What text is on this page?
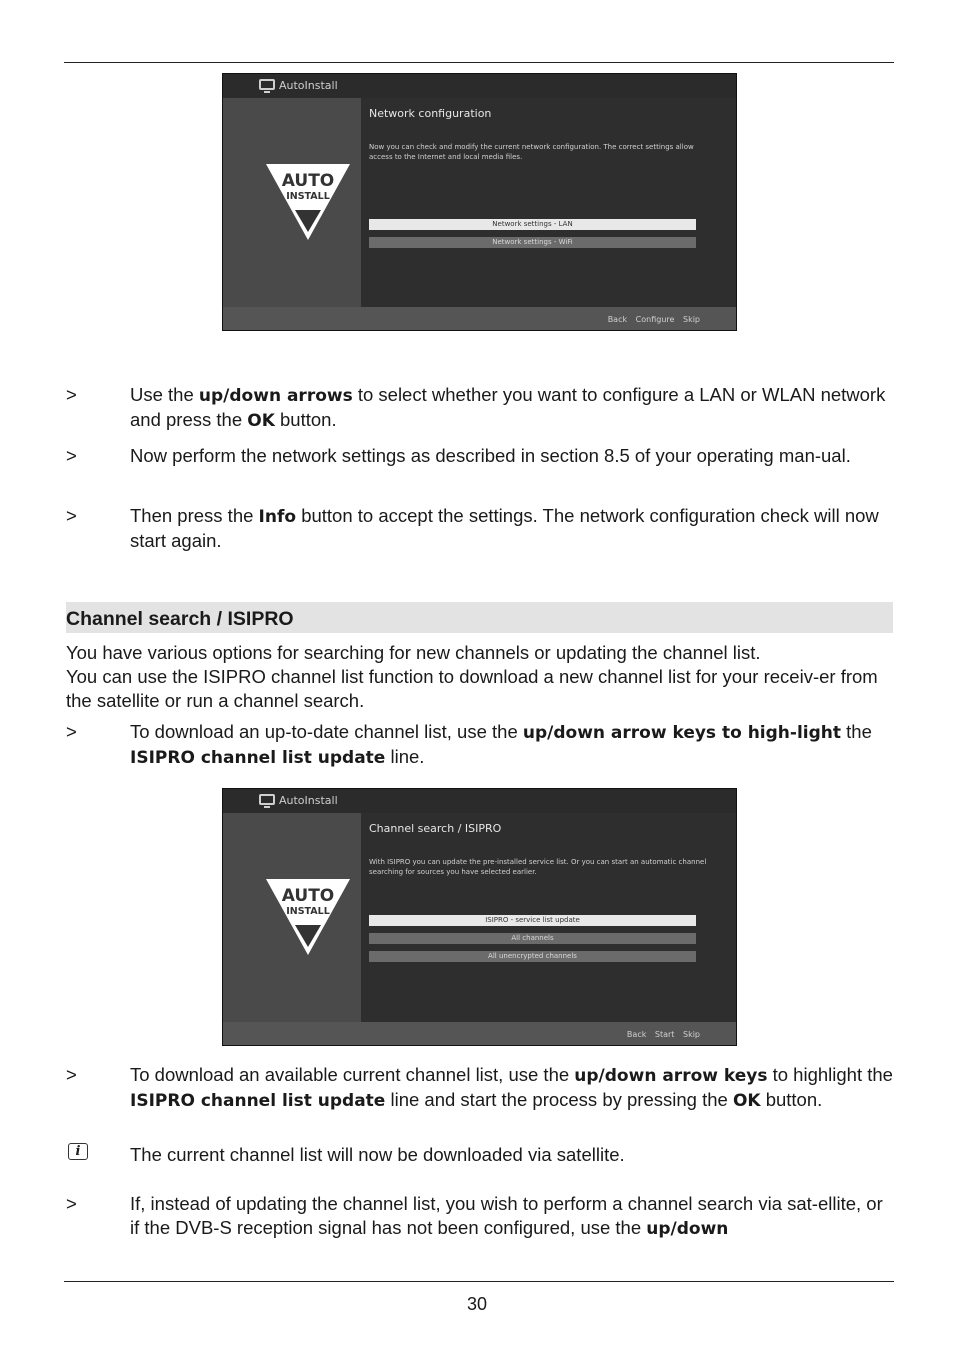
AutoInstall
AUTO
INSTALL
Network configuration
Now you can check and modify the current network configuration. The correct settings allow access to the Internet and local media files.
Network settings - LAN
Network settings - WiFi
Back Configure Skip
>	Use the up/down arrows to select whether you want to configure a LAN or WLAN network and press the OK button.
>	Now perform the network settings as described in section 8.5 of your operating man-ual.
>	Then press the Info button to accept the settings. The network configuration check will now start again.
Channel search / ISIPRO
You have various options for searching for new channels or updating the channel list.
You can use the ISIPRO channel list function to download a new channel list for your receiv-er from the satellite or run a channel search.
>	To download an up-to-date channel list, use the up/down arrow keys to high-light the ISIPRO channel list update line.
AutoInstall
AUTO
INSTALL
Channel search / ISIPRO
With ISIPRO you can update the pre-installed service list. Or you can start an automatic channel searching for sources you have selected earlier.
ISIPRO - service list update
All channels
All unencrypted channels
Back Start Skip
>	To download an available current channel list, use the up/down arrow keys to highlight the ISIPRO channel list update line and start the process by pressing the OK button.
i	The current channel list will now be downloaded via satellite.
>	If, instead of updating the channel list, you wish to perform a channel search via sat-ellite, or if the DVB-S reception signal has not been configured, use the up/down
30
